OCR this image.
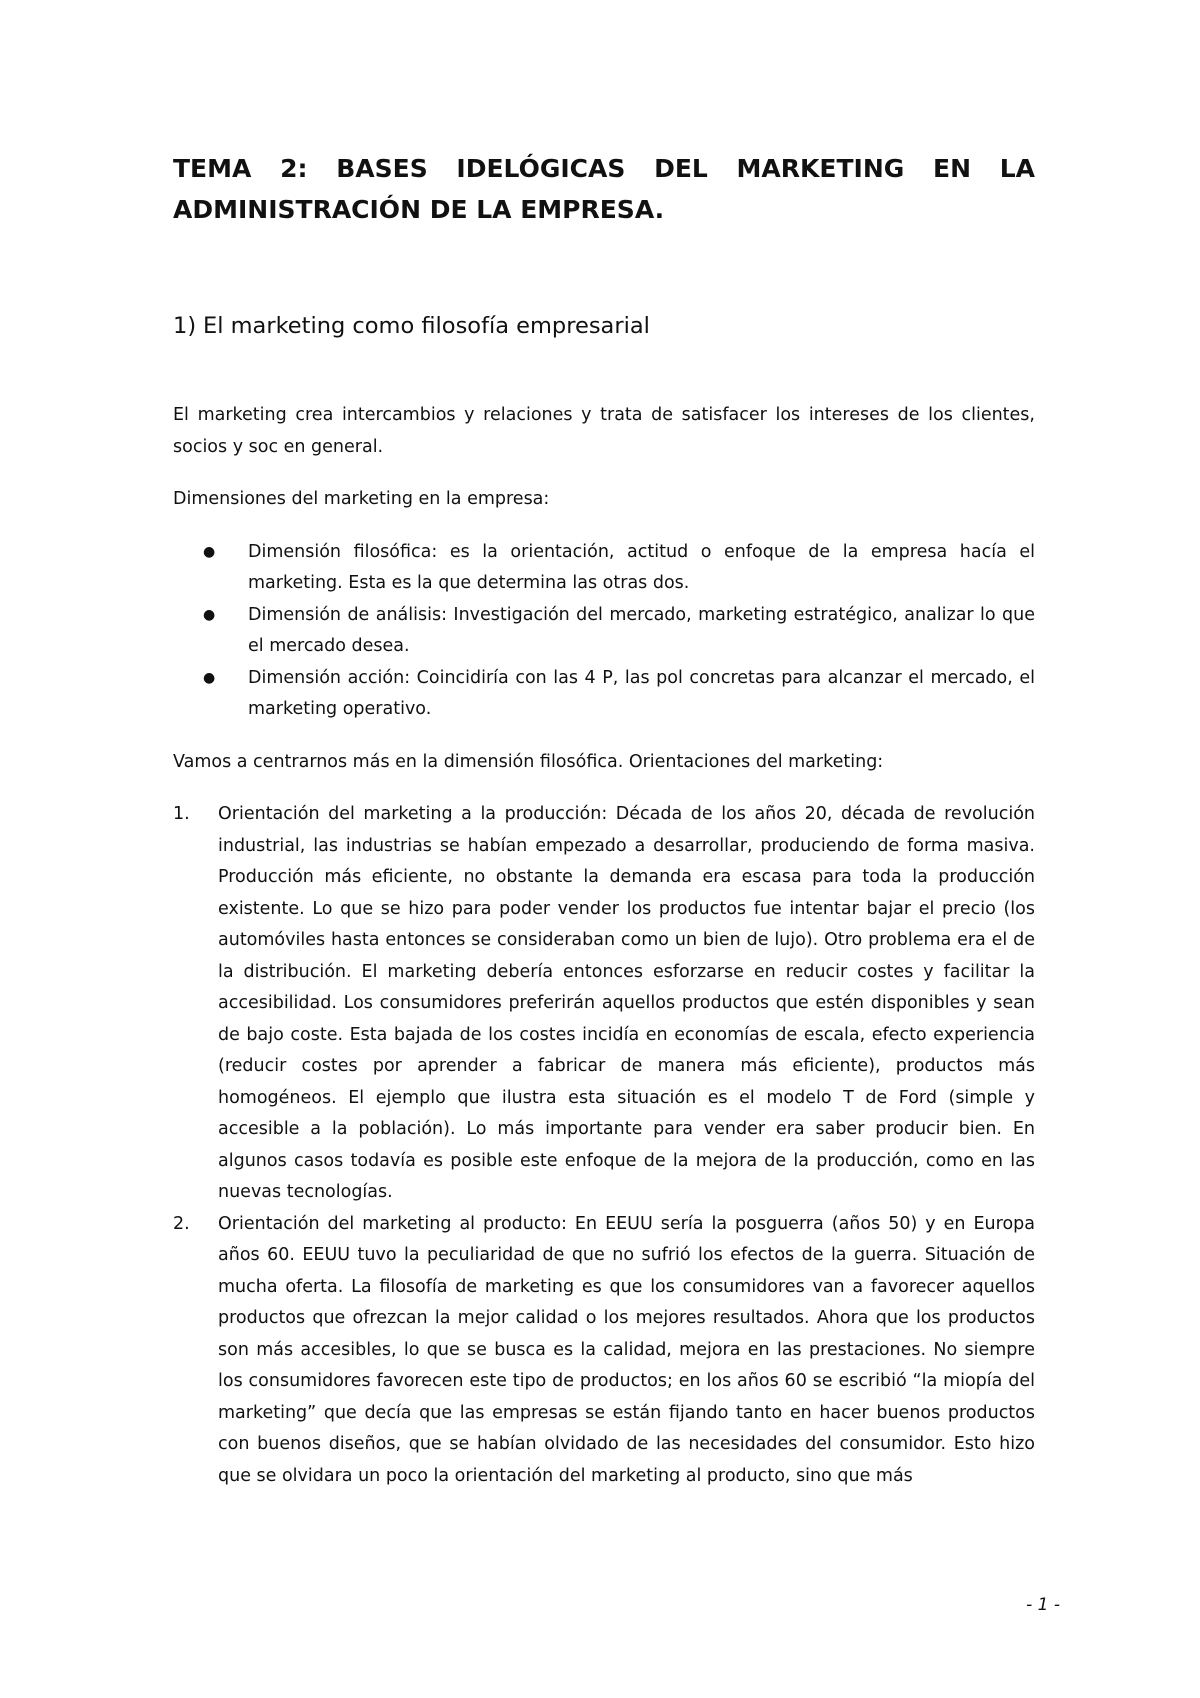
TEMA 2: BASES IDELÓGICAS DEL MARKETING EN LA ADMINISTRACIÓN DE LA EMPRESA.
1) El marketing como filosofía empresarial

El marketing crea intercambios y relaciones y trata de satisfacer los intereses de los clientes, socios y soc en general.

Dimensiones del marketing en la empresa:

● Dimensión filosófica: es la orientación, actitud o enfoque de la empresa hacía el marketing. Esta es la que determina las otras dos.
● Dimensión de análisis: Investigación del mercado, marketing estratégico, analizar lo que el mercado desea.
● Dimensión acción: Coincidiría con las 4 P, las pol concretas para alcanzar el mercado, el marketing operativo.

Vamos a centrarnos más en la dimensión filosófica. Orientaciones del marketing:

1. Orientación del marketing a la producción: Década de los años 20, década de revolución industrial, las industrias se habían empezado a desarrollar, produciendo de forma masiva. Producción más eficiente, no obstante la demanda era escasa para toda la producción existente. Lo que se hizo para poder vender los productos fue intentar bajar el precio (los automóviles hasta entonces se consideraban como un bien de lujo). Otro problema era el de la distribución. El marketing debería entonces esforzarse en reducir costes y facilitar la accesibilidad. Los consumidores preferirán aquellos productos que estén disponibles y sean de bajo coste. Esta bajada de los costes incidía en economías de escala, efecto experiencia (reducir costes por aprender a fabricar de manera más eficiente), productos más homogéneos. El ejemplo que ilustra esta situación es el modelo T de Ford (simple y accesible a la población). Lo más importante para vender era saber producir bien. En algunos casos todavía es posible este enfoque de la mejora de la producción, como en las nuevas tecnologías.
2. Orientación del marketing al producto: En EEUU sería la posguerra (años 50) y en Europa años 60. EEUU tuvo la peculiaridad de que no sufrió los efectos de la guerra. Situación de mucha oferta. La filosofía de marketing es que los consumidores van a favorecer aquellos productos que ofrezcan la mejor calidad o los mejores resultados. Ahora que los productos son más accesibles, lo que se busca es la calidad, mejora en las prestaciones. No siempre los consumidores favorecen este tipo de productos; en los años 60 se escribió “la miopía del marketing” que decía que las empresas se están fijando tanto en hacer buenos productos con buenos diseños, que se habían olvidado de las necesidades del consumidor. Esto hizo que se olvidara un poco la orientación del marketing al producto, sino que más
- 1 -
